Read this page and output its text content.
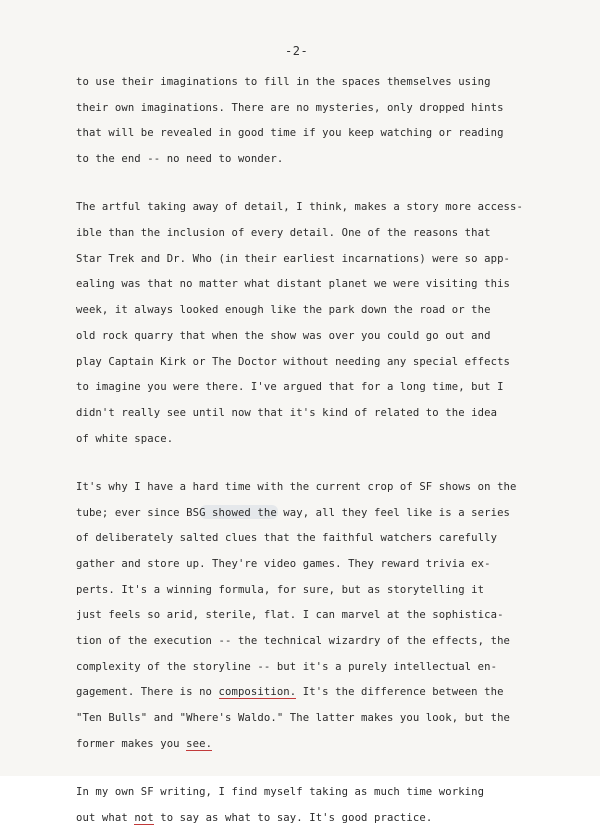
-2-
to use their imaginations to fill in the spaces themselves using
their own imaginations. There are no mysteries, only dropped hints
that will be revealed in good time if you keep watching or reading
to the end -- no need to wonder.
The artful taking away of detail, I think, makes a story more access-
ible than the inclusion of every detail. One of the reasons that
Star Trek and Dr. Who (in their earliest incarnations) were so app-
ealing was that no matter what distant planet we were visiting this
week, it always looked enough like the park down the road or the
old rock quarry that when the show was over you could go out and
play Captain Kirk or The Doctor without needing any special effects
to imagine you were there. I've argued that for a long time, but I
didn't really see until now that it's kind of related to the idea
of white space.
It's why I have a hard time with the current crop of SF shows on the
tube; ever since BSG showed the way, all they feel like is a series
of deliberately salted clues that the faithful watchers carefully
gather and store up. They're video games. They reward trivia ex-
perts. It's a winning formula, for sure, but as storytelling it
just feels so arid, sterile, flat. I can marvel at the sophistica-
tion of the execution -- the technical wizardry of the effects, the
complexity of the storyline -- but it's a purely intellectual en-
gagement. There is no composition. It's the difference between the
"Ten Bulls" and "Where's Waldo." The latter makes you look, but the
former makes you see.
In my own SF writing, I find myself taking as much time working
out what not to say as what to say. It's good practice.
